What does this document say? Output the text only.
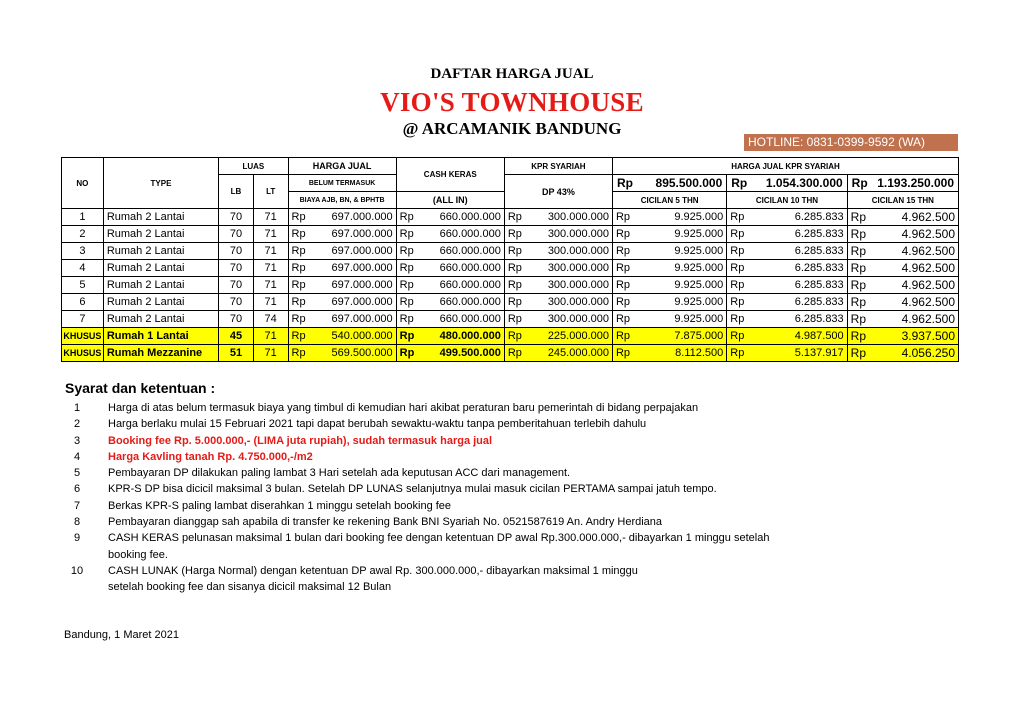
DAFTAR HARGA JUAL
VIO'S TOWNHOUSE
@ ARCAMANIK BANDUNG
HOTLINE: 0831-0399-9592 (WA)
NO	TYPE	LUAS		HARGA JUAL	CASH KERAS	KPR SYARIAH	HARGA JUAL KPR SYARIAH		
		LB	LT	BELUM TERMASUK		DP 43%	Rp 895.500.000	Rp 1.054.300.000	Rp 1.193.250.000

				BIAYA AJB, BN, & BPHTB	(ALL IN)		CICILAN 5 THN	CICILAN 10 THN	CICILAN 15 THN
1	Rumah 2 Lantai	70	71	Rp 697.000.000	Rp 660.000.000	Rp 300.000.000	Rp 9.925.000	Rp 6.285.833	Rp 4.962.500

2	Rumah 2 Lantai	70	71	Rp 697.000.000	Rp 660.000.000	Rp 300.000.000	Rp 9.925.000	Rp 6.285.833	Rp 4.962.500

3	Rumah 2 Lantai	70	71	Rp 697.000.000	Rp 660.000.000	Rp 300.000.000	Rp 9.925.000	Rp 6.285.833	Rp 4.962.500

4	Rumah 2 Lantai	70	71	Rp 697.000.000	Rp 660.000.000	Rp 300.000.000	Rp 9.925.000	Rp 6.285.833	Rp 4.962.500

5	Rumah 2 Lantai	70	71	Rp 697.000.000	Rp 660.000.000	Rp 300.000.000	Rp 9.925.000	Rp 6.285.833	Rp 4.962.500

6	Rumah 2 Lantai	70	71	Rp 697.000.000	Rp 660.000.000	Rp 300.000.000	Rp 9.925.000	Rp 6.285.833	Rp 4.962.500

7	Rumah 2 Lantai	70	74	Rp 697.000.000	Rp 660.000.000	Rp 300.000.000	Rp 9.925.000	Rp 6.285.833	Rp 4.962.500

KHUSUS	Rumah 1 Lantai	45	71	Rp 540.000.000	Rp 480.000.000	Rp 225.000.000	Rp 7.875.000	Rp 4.987.500	Rp 3.937.500

KHUSUS	Rumah Mezzanine	51	71	Rp 569.500.000	Rp 499.500.000	Rp 245.000.000	Rp 8.112.500	Rp 5.137.917	Rp 4.056.250
Syarat dan ketentuan :
1	Harga di atas belum termasuk biaya yang timbul di kemudian hari akibat peraturan baru pemerintah di bidang perpajakan
2	Harga berlaku mulai 15 Februari 2021 tapi dapat berubah sewaktu-waktu tanpa pemberitahuan terlebih dahulu
3	Booking fee Rp. 5.000.000,- (LIMA juta rupiah), sudah termasuk harga jual
4	Harga Kavling tanah Rp. 4.750.000,-/m2
5	Pembayaran DP dilakukan paling lambat 3 Hari setelah ada keputusan ACC dari management.
6	KPR-S DP bisa dicicil maksimal 3 bulan. Setelah DP LUNAS selanjutnya mulai masuk cicilan PERTAMA sampai jatuh tempo.
7	Berkas KPR-S paling lambat diserahkan 1 minggu setelah booking fee
8	Pembayaran dianggap sah apabila di transfer ke rekening Bank BNI Syariah No. 0521587619 An. Andry Herdiana
9	CASH KERAS pelunasan maksimal 1 bulan dari booking fee dengan ketentuan DP awal Rp.300.000.000,- dibayarkan 1 minggu setelah
booking fee.
10	CASH LUNAK (Harga Normal) dengan ketentuan DP awal Rp. 300.000.000,- dibayarkan maksimal 1 minggu
setelah booking fee dan sisanya dicicil maksimal 12 Bulan
Bandung, 1 Maret 2021
